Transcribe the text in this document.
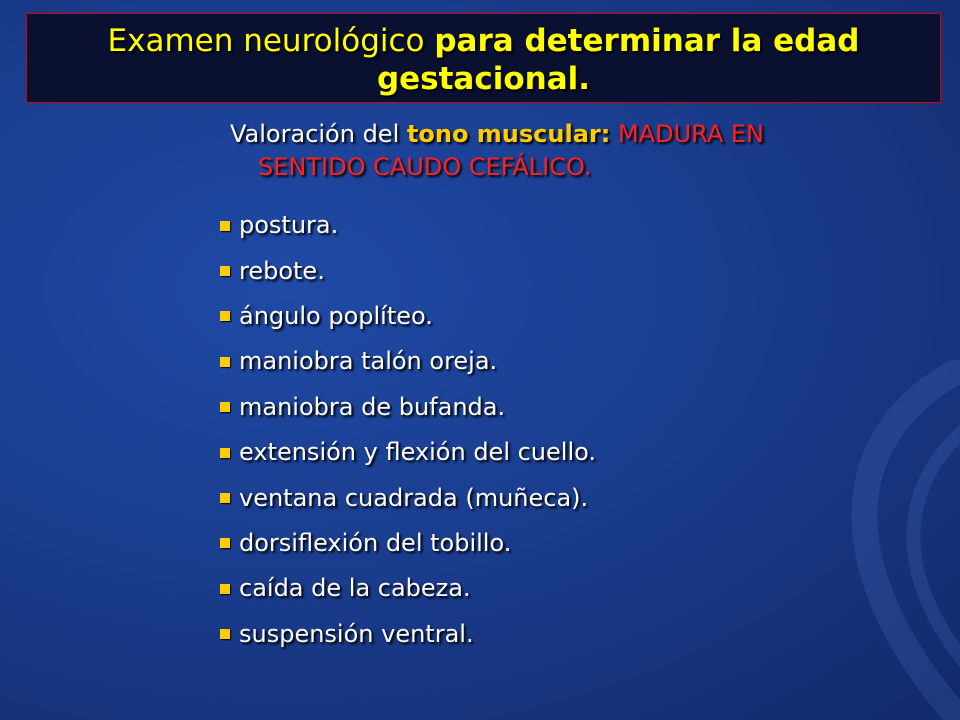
Examen neurológico para determinar la edad gestacional.

Valoración del tono muscular: MADURA EN
SENTIDO CAUDO CEFÁLICO.

postura.
rebote.
ángulo poplíteo.
maniobra talón oreja.
maniobra de bufanda.
extensión y flexión del cuello.
ventana cuadrada (muñeca).
dorsiflexión del tobillo.
caída de la cabeza.
suspensión ventral.
